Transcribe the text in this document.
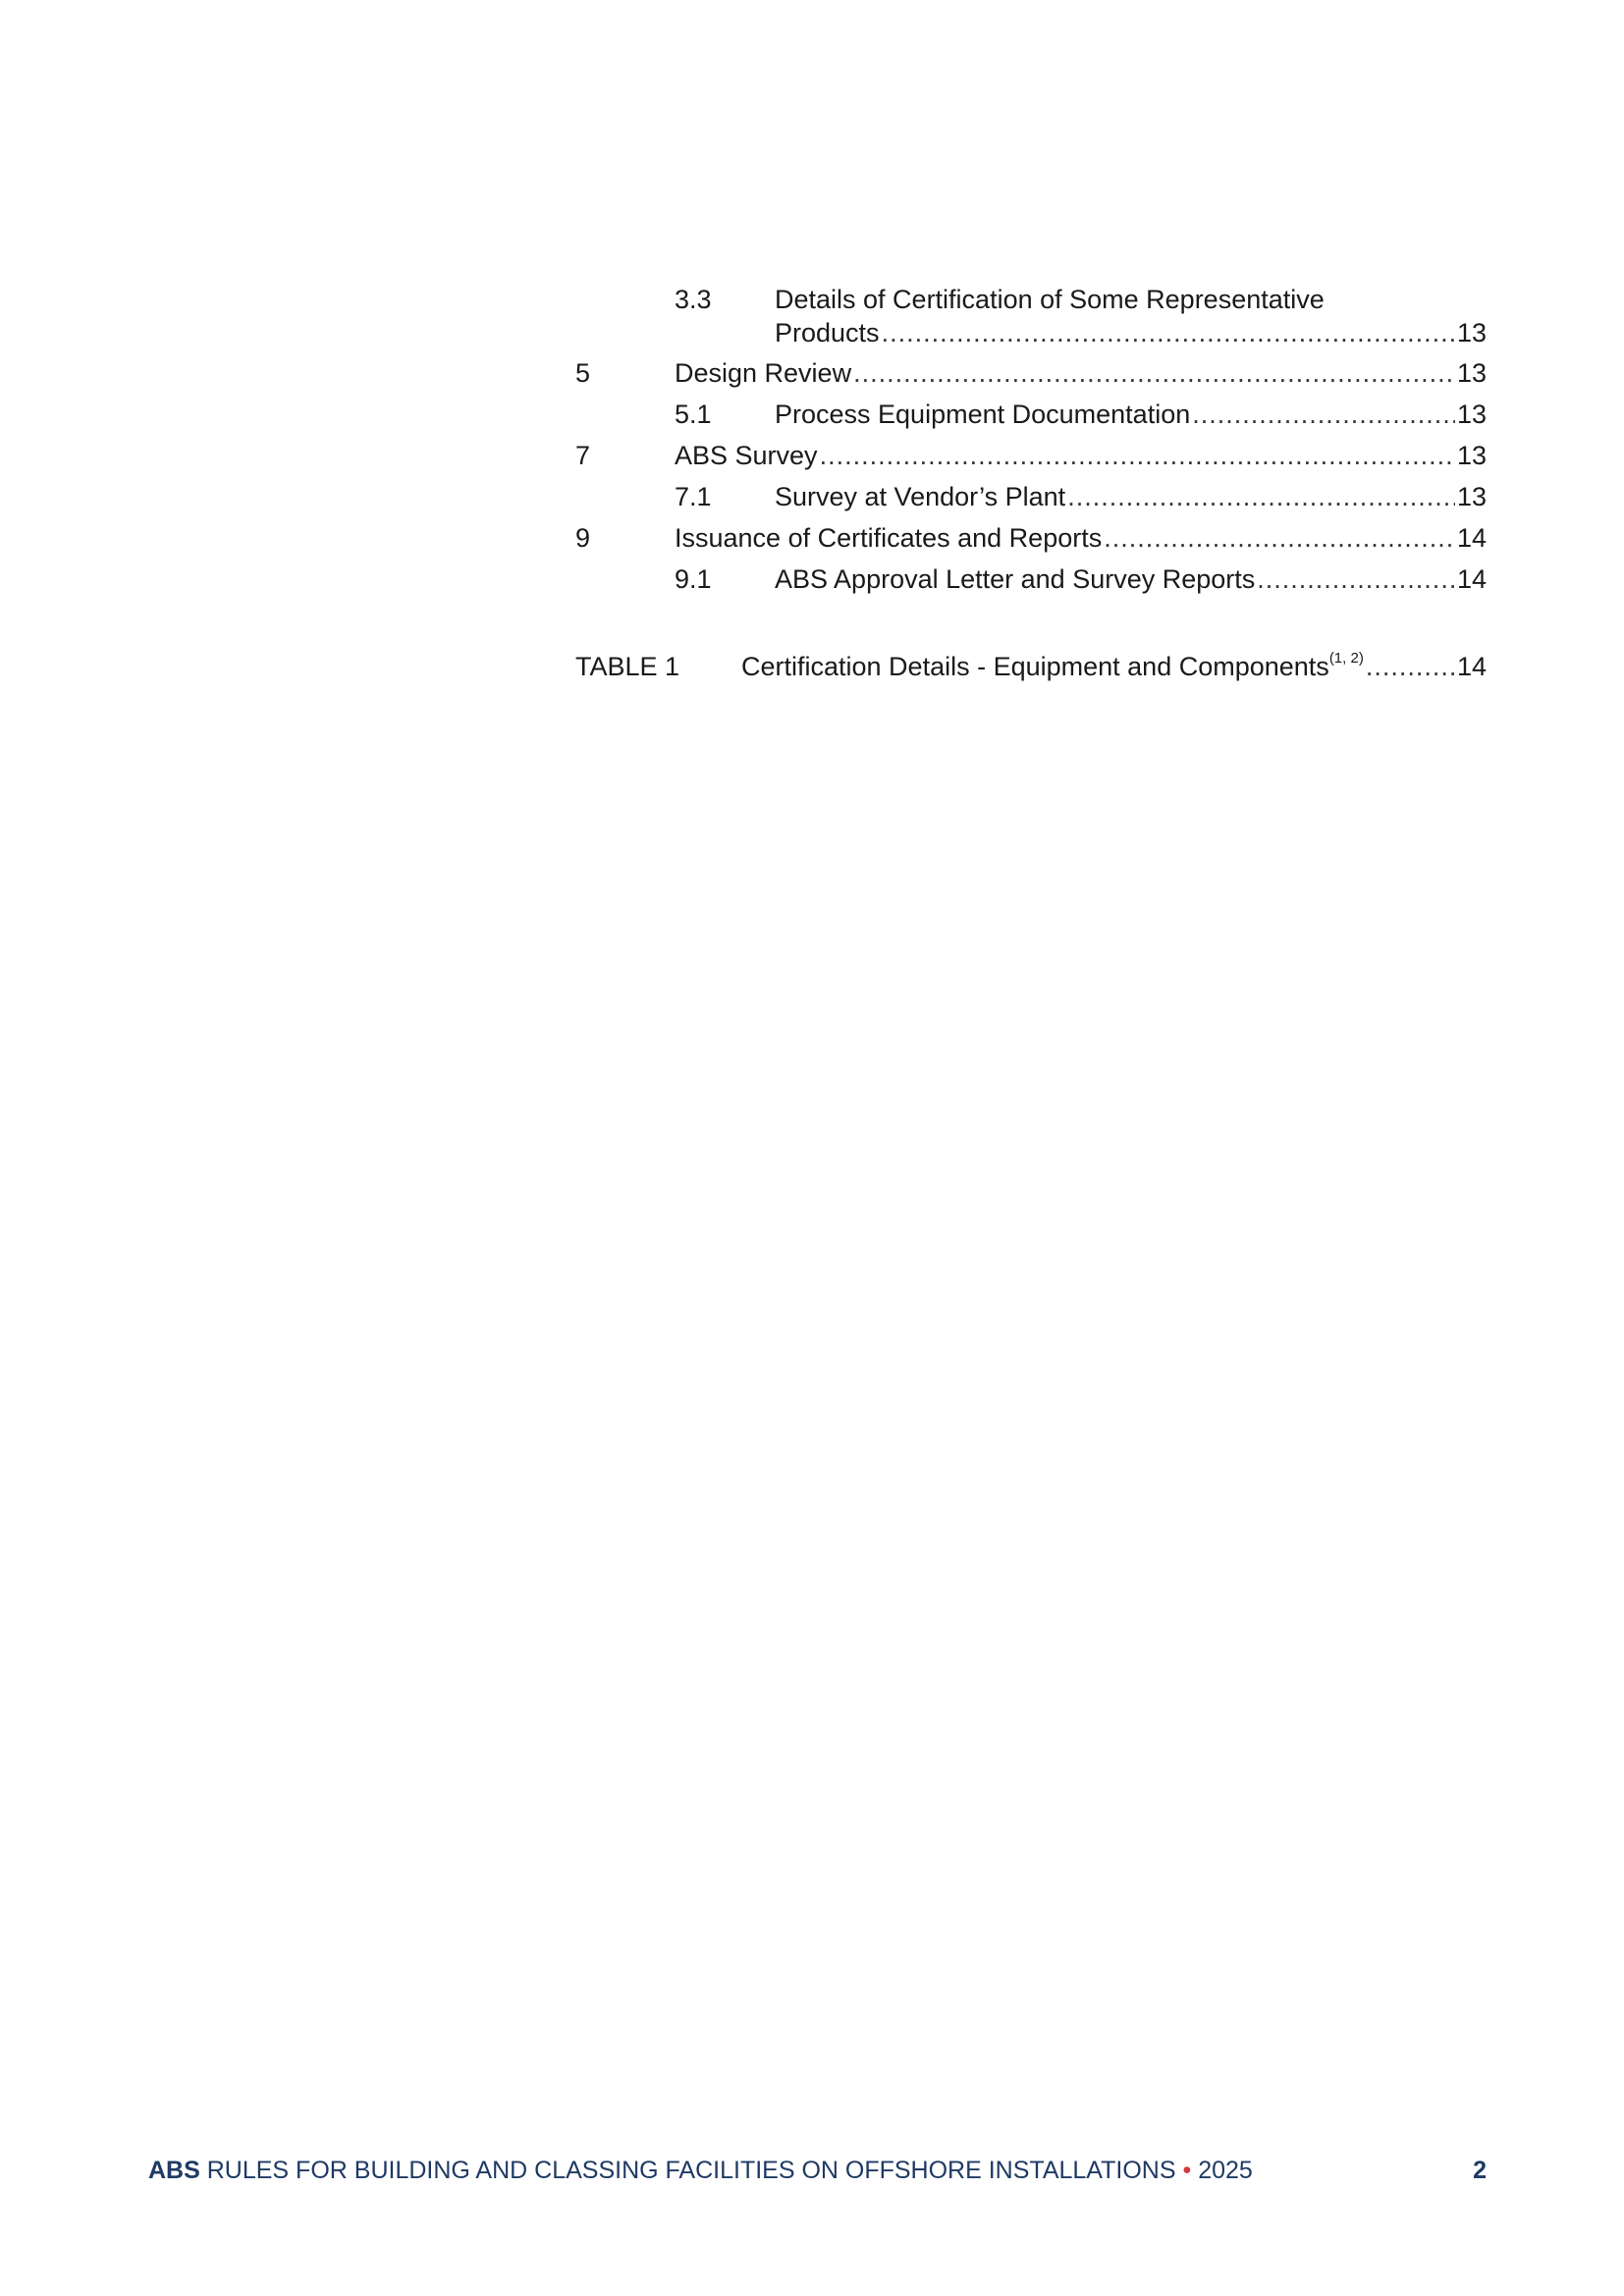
3.3 Details of Certification of Some Representative
Products .....	13
5	Design Review .....	13
5.1 Process Equipment Documentation .....	13
7	ABS Survey .....	13
7.1 Survey at Vendor’s Plant .....	13
9	Issuance of Certificates and Reports .....	14
9.1 ABS Approval Letter and Survey Reports .....	14
TABLE 1 Certification Details - Equipment and Components$^{(1, 2)}$ .....	14
ABS RULES FOR BUILDING AND CLASSING FACILITIES ON OFFSHORE INSTALLATIONS • 2025	2
